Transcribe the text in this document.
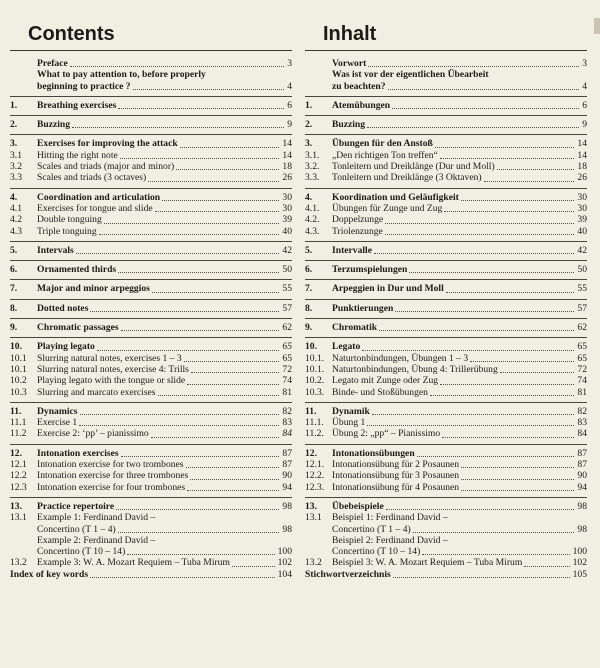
Contents
Preface	3
What to pay attention to, before properly
beginning to practice ?	4
1.	Breathing exercises	6
2.	Buzzing	9
3.	Exercises for improving the attack	14
3.1	Hitting the right note	14
3.2	Scales and triads (major and minor)	18
3.3	Scales and triads (3 octaves)	26
4.	Coordination and articulation	30
4.1	Exercises for tongue and slide	30
4.2	Double tonguing	39
4.3	Triple tonguing	40
5.	Intervals	42
6.	Ornamented thirds	50
7.	Major and minor arpeggios	55
8.	Dotted notes	57
9.	Chromatic passages	62
10.	Playing legato	65
10.1	Slurring natural notes, exercises 1 – 3	65
10.1	Slurring natural notes, exercise 4: Trills	72
10.2	Playing legato with the tongue or slide	74
10.3	Slurring and marcato exercises	81
11.	Dynamics	82
11.1	Exercise 1	83
11.2	Exercise 2: ‘pp’ – pianissimo	84
12.	Intonation exercises	87
12.1	Intonation exercise for two trombones	87
12.2	Intonation exercise for three trombones	90
12.3	Intonation exercise for four trombones	94
13.	Practice repertoire	98
13.1	Example 1: Ferdinand David –
Concertino (T 1 – 4)	98
Example 2: Ferdinand David –
Concertino (T 10 – 14)	100
13.2	Example 3: W. A. Mozart Requiem – Tuba Mirum	102
Index of key words	104
Inhalt
Vorwort	3
Was ist vor der eigentlichen Übearbeit
zu beachten?	4
1.	Atemübungen	6
2.	Buzzing	9
3.	Übungen für den Anstoß	14
3.1.	„Den richtigen Ton treffen“	14
3.2.	Tonleitern und Dreiklänge (Dur und Moll)	18
3.3.	Tonleitern und Dreiklänge (3 Oktaven)	26
4.	Koordination und Geläufigkeit	30
4.1.	Übungen für Zunge und Zug	30
4.2.	Doppelzunge	39
4.3.	Triolenzunge	40
5.	Intervalle	42
6.	Terzumspielungen	50
7.	Arpeggien in Dur und Moll	55
8.	Punktierungen	57
9.	Chromatik	62
10.	Legato	65
10.1. Naturtonbindungen, Übungen 1 – 3	65
10.1. Naturtonbindungen, Übung 4: Trillerübung	72
10.2. Legato mit Zunge oder Zug	74
10.3. Binde- und Stoßübungen	81
11.	Dynamik	82
11.1. Übung 1	83
11.2. Übung 2: „pp“ – Pianissimo	84
12.	Intonationsübungen	87
12.1. Intonationsübung für 2 Posaunen	87
12.2. Intonationsübung für 3 Posaunen	90
12.3. Intonationsübung für 4 Posaunen	94
13.	Übebeispiele	98
13.1	Beispiel 1: Ferdinand David –
Concertino (T 1 – 4)	98
Beispiel 2: Ferdinand David –
Concertino (T 10 – 14)	100
13.2	Beispiel 3: W. A. Mozart Requiem – Tuba Mirum	102
Stichwortverzeichnis	105
